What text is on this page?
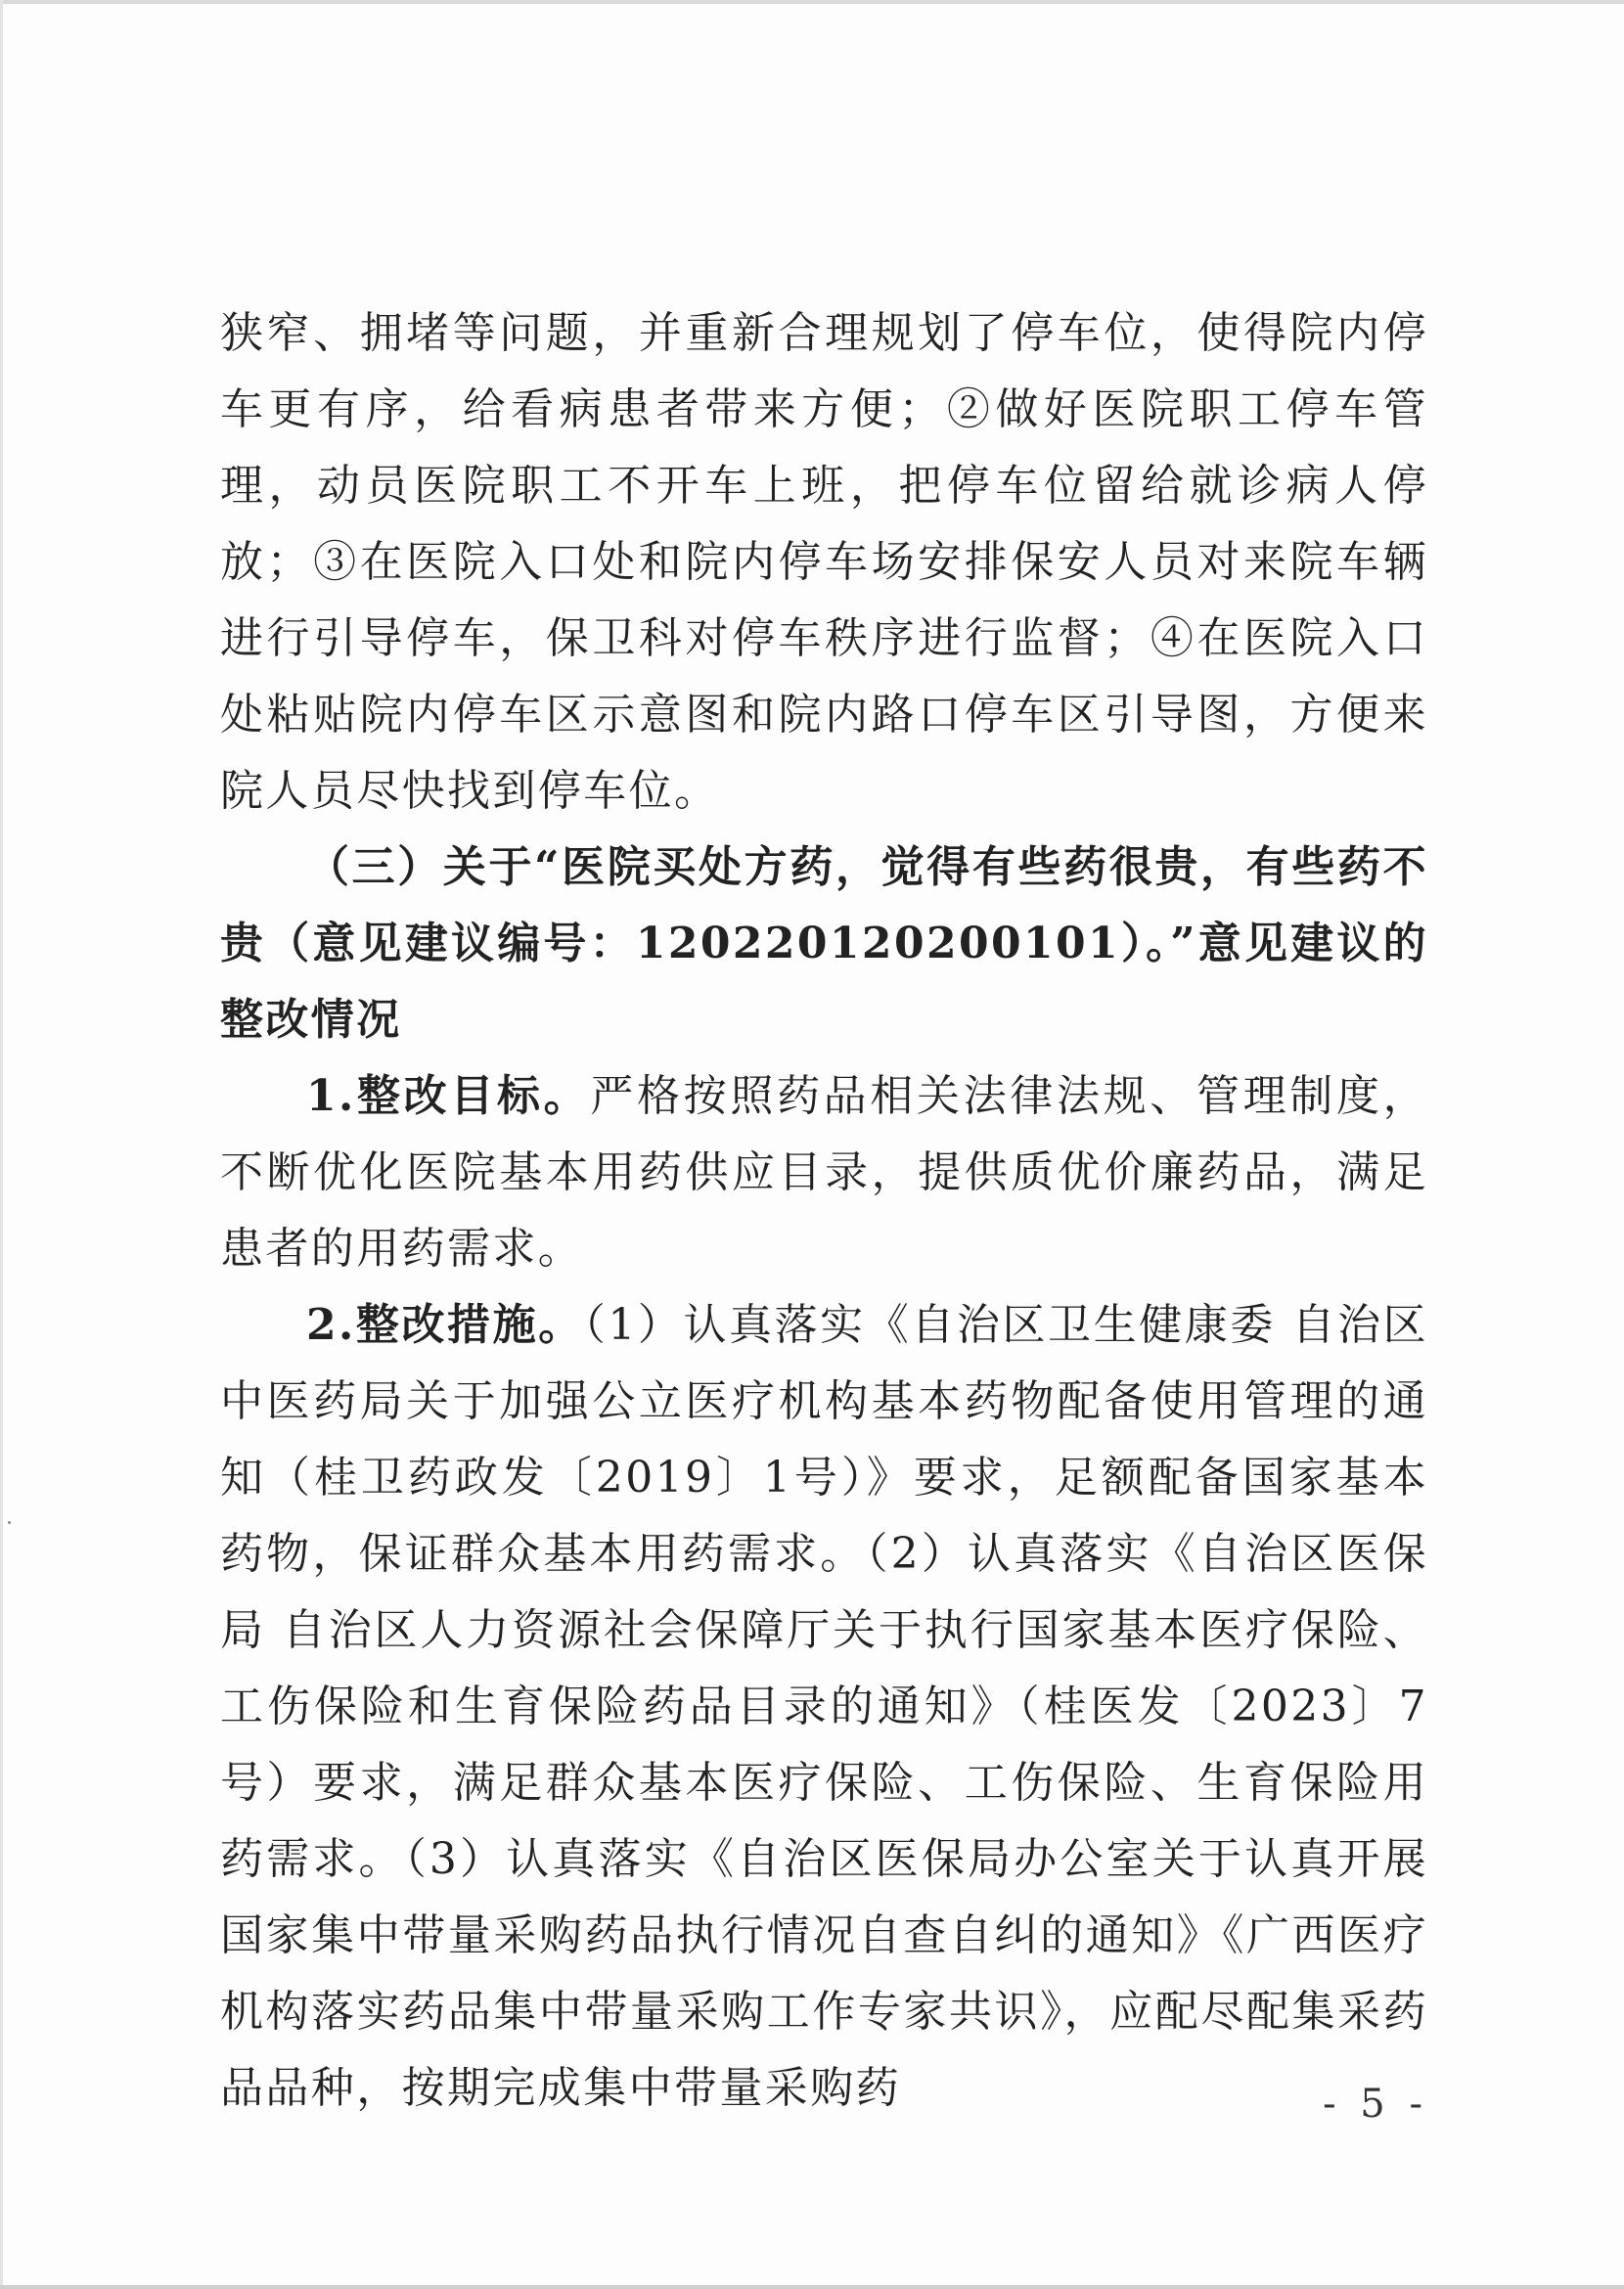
狭窄、拥堵等问题，并重新合理规划了停车位，使得院内停车更有序，给看病患者带来方便；②做好医院职工停车管理，动员医院职工不开车上班，把停车位留给就诊病人停放；③在医院入口处和院内停车场安排保安人员对来院车辆进行引导停车，保卫科对停车秩序进行监督；④在医院入口处粘贴院内停车区示意图和院内路口停车区引导图，方便来院人员尽快找到停车位。

（三）关于“医院买处方药，觉得有些药很贵，有些药不贵（意见建议编号：120220120200101）。”意见建议的整改情况

1.整改目标。严格按照药品相关法律法规、管理制度，不断优化医院基本用药供应目录，提供质优价廉药品，满足患者的用药需求。

2.整改措施。（1）认真落实《自治区卫生健康委 自治区中医药局关于加强公立医疗机构基本药物配备使用管理的通知（桂卫药政发〔2019〕1号）》要求，足额配备国家基本药物，保证群众基本用药需求。（2）认真落实《自治区医保局 自治区人力资源社会保障厅关于执行国家基本医疗保险、工伤保险和生育保险药品目录的通知》（桂医发〔2023〕7号）要求，满足群众基本医疗保险、工伤保险、生育保险用药需求。（3）认真落实《自治区医保局办公室关于认真开展国家集中带量采购药品执行情况自查自纠的通知》《广西医疗机构落实药品集中带量采购工作专家共识》，应配尽配集采药品品种，按期完成集中带量采购药	- 5 -
